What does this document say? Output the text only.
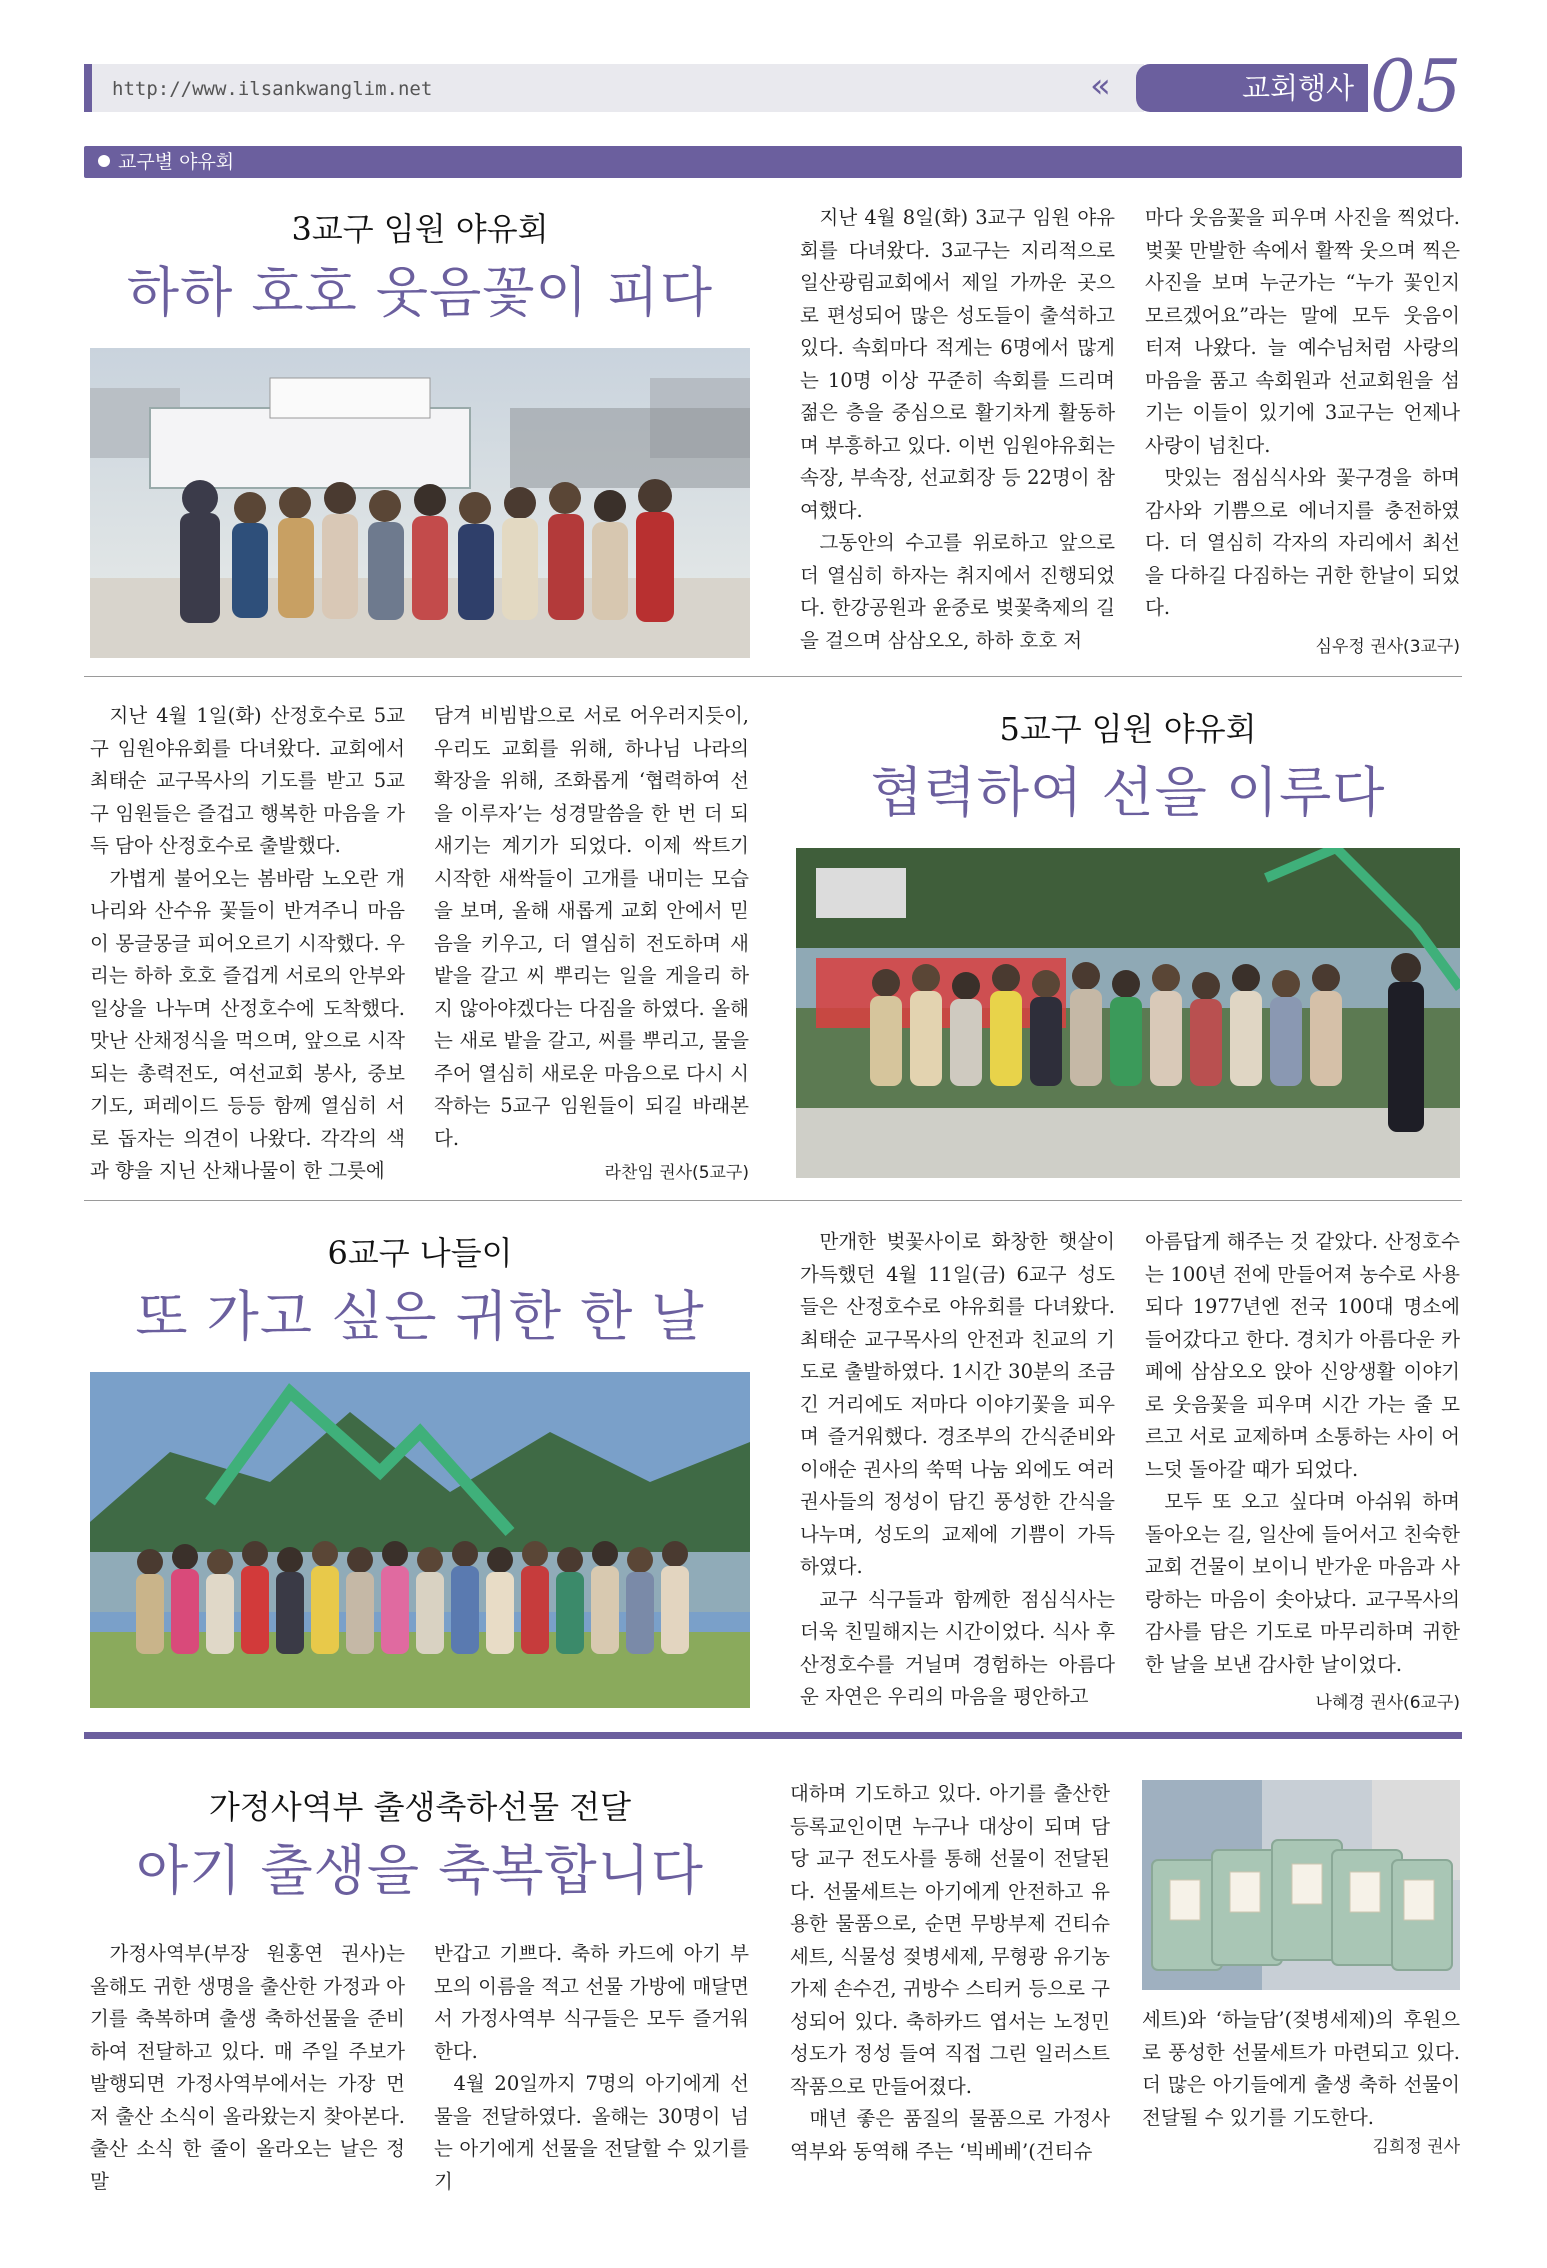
http://www.ilsankwanglim.net	«	교회행사 05
교구별 야유회
3교구 임원 야유회
하하 호호 웃음꽃이 피다

지난 4월 8일(화) 3교구 임원 야유회를 다녀왔다. 3교구는 지리적으로 일산광림교회에서 제일 가까운 곳으로 편성되어 많은 성도들이 출석하고 있다. 속회마다 적게는 6명에서 많게는 10명 이상 꾸준히 속회를 드리며 젊은 층을 중심으로 활기차게 활동하며 부흥하고 있다. 이번 임원야유회는 속장, 부속장, 선교회장 등 22명이 참여했다.

그동안의 수고를 위로하고 앞으로 더 열심히 하자는 취지에서 진행되었다. 한강공원과 윤중로 벚꽃축제의 길을 걸으며 삼삼오오, 하하 호호 저

마다 웃음꽃을 피우며 사진을 찍었다. 벚꽃 만발한 속에서 활짝 웃으며 찍은 사진을 보며 누군가는 “누가 꽃인지 모르겠어요”라는 말에 모두 웃음이 터져 나왔다. 늘 예수님처럼 사랑의 마음을 품고 속회원과 선교회원을 섬기는 이들이 있기에 3교구는 언제나 사랑이 넘친다.

맛있는 점심식사와 꽃구경을 하며 감사와 기쁨으로 에너지를 충전하였다. 더 열심히 각자의 자리에서 최선을 다하길 다짐하는 귀한 한날이 되었다.

심우정 권사(3교구)

지난 4월 1일(화) 산정호수로 5교구 임원야유회를 다녀왔다. 교회에서 최태순 교구목사의 기도를 받고 5교구 임원들은 즐겁고 행복한 마음을 가득 담아 산정호수로 출발했다.

가볍게 불어오는 봄바람 노오란 개나리와 산수유 꽃들이 반겨주니 마음이 몽글몽글 피어오르기 시작했다. 우리는 하하 호호 즐겁게 서로의 안부와 일상을 나누며 산정호수에 도착했다. 맛난 산채정식을 먹으며, 앞으로 시작되는 총력전도, 여선교회 봉사, 중보기도, 퍼레이드 등등 함께 열심히 서로 돕자는 의견이 나왔다. 각각의 색과 향을 지닌 산채나물이 한 그릇에

담겨 비빔밥으로 서로 어우러지듯이, 우리도 교회를 위해, 하나님 나라의 확장을 위해, 조화롭게 ‘협력하여 선을 이루자’는 성경말씀을 한 번 더 되새기는 계기가 되었다. 이제 싹트기 시작한 새싹들이 고개를 내미는 모습을 보며, 올해 새롭게 교회 안에서 믿음을 키우고, 더 열심히 전도하며 새 밭을 갈고 씨 뿌리는 일을 게을리 하지 않아야겠다는 다짐을 하였다. 올해는 새로 밭을 갈고, 씨를 뿌리고, 물을 주어 열심히 새로운 마음으로 다시 시작하는 5교구 임원들이 되길 바래본다.

라찬임 권사(5교구)
5교구 임원 야유회
협력하여 선을 이루다
6교구 나들이
또 가고 싶은 귀한 한 날

만개한 벚꽃사이로 화창한 햇살이 가득했던 4월 11일(금) 6교구 성도들은 산정호수로 야유회를 다녀왔다. 최태순 교구목사의 안전과 친교의 기도로 출발하였다. 1시간 30분의 조금 긴 거리에도 저마다 이야기꽃을 피우며 즐거워했다. 경조부의 간식준비와 이애순 권사의 쑥떡 나눔 외에도 여러 권사들의 정성이 담긴 풍성한 간식을 나누며, 성도의 교제에 기쁨이 가득 하였다.

교구 식구들과 함께한 점심식사는 더욱 친밀해지는 시간이었다. 식사 후 산정호수를 거닐며 경험하는 아름다운 자연은 우리의 마음을 평안하고

아름답게 해주는 것 같았다. 산정호수는 100년 전에 만들어져 농수로 사용되다 1977년엔 전국 100대 명소에 들어갔다고 한다. 경치가 아름다운 카페에 삼삼오오 앉아 신앙생활 이야기로 웃음꽃을 피우며 시간 가는 줄 모르고 서로 교제하며 소통하는 사이 어느덧 돌아갈 때가 되었다.

모두 또 오고 싶다며 아쉬워 하며 돌아오는 길, 일산에 들어서고 친숙한 교회 건물이 보이니 반가운 마음과 사랑하는 마음이 솟아났다. 교구목사의 감사를 담은 기도로 마무리하며 귀한 한 날을 보낸 감사한 날이었다.

나혜경 권사(6교구)
가정사역부 출생축하선물 전달
아기 출생을 축복합니다

가정사역부(부장 원홍연 권사)는 올해도 귀한 생명을 출산한 가정과 아기를 축복하며 출생 축하선물을 준비하여 전달하고 있다. 매 주일 주보가 발행되면 가정사역부에서는 가장 먼저 출산 소식이 올라왔는지 찾아본다. 출산 소식 한 줄이 올라오는 날은 정말

반갑고 기쁘다. 축하 카드에 아기 부모의 이름을 적고 선물 가방에 매달면서 가정사역부 식구들은 모두 즐거워한다.

4월 20일까지 7명의 아기에게 선물을 전달하였다. 올해는 30명이 넘는 아기에게 선물을 전달할 수 있기를 기

대하며 기도하고 있다. 아기를 출산한 등록교인이면 누구나 대상이 되며 담당 교구 전도사를 통해 선물이 전달된다. 선물세트는 아기에게 안전하고 유용한 물품으로, 순면 무방부제 건티슈 세트, 식물성 젖병세제, 무형광 유기농 가제 손수건, 귀방수 스티커 등으로 구성되어 있다. 축하카드 엽서는 노정민 성도가 정성 들여 직접 그린 일러스트 작품으로 만들어졌다.

매년 좋은 품질의 물품으로 가정사역부와 동역해 주는 ‘빅베베’(건티슈

세트)와 ‘하늘담’(젖병세제)의 후원으로 풍성한 선물세트가 마련되고 있다. 더 많은 아기들에게 출생 축하 선물이 전달될 수 있기를 기도한다.

김희정 권사
